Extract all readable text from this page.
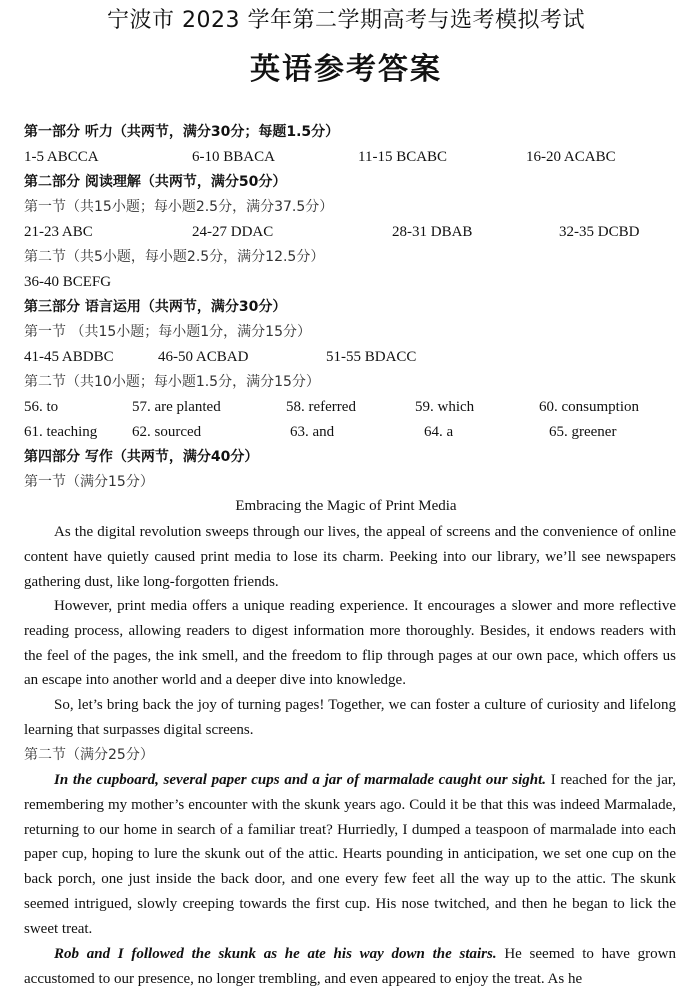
宁波市 2023 学年第二学期高考与选考模拟考试
英语参考答案
第一部分 听力（共两节，满分30分；每题1.5分）
1-5 ABCCA	6-10 BBACA	11-15 BCABC	16-20 ACABC
第二部分 阅读理解（共两节，满分50分）
第一节（共15小题；每小题2.5分，满分37.5分）
21-23 ABC	24-27 DDAC	28-31 DBAB	32-35 DCBD
第二节（共5小题，每小题2.5分，满分12.5分）
36-40 BCEFG
第三部分 语言运用（共两节，满分30分）
第一节 （共15小题；每小题1分，满分15分）
41-45 ABDBC	46-50 ACBAD	51-55 BDACC
第二节（共10小题；每小题1.5分，满分15分）
56. to	57. are planted	58. referred	59. which	60. consumption
61. teaching 62. sourced	63. and	64. a	65. greener
第四部分 写作（共两节，满分40分）
第一节（满分15分）
Embracing the Magic of Print Media

As the digital revolution sweeps through our lives, the appeal of screens and the convenience of online content have quietly caused print media to lose its charm. Peeking into our library, we’ll see newspapers gathering dust, like long-forgotten friends.

However, print media offers a unique reading experience. It encourages a slower and more reflective reading process, allowing readers to digest information more thoroughly. Besides, it endows readers with the feel of the pages, the ink smell, and the freedom to flip through pages at our own pace, which offers us an escape into another world and a deeper dive into knowledge.

So, let’s bring back the joy of turning pages! Together, we can foster a culture of curiosity and lifelong learning that surpasses digital screens.

第二节（满分25分）

In the cupboard, several paper cups and a jar of marmalade caught our sight. I reached for the jar, remembering my mother’s encounter with the skunk years ago. Could it be that this was indeed Marmalade, returning to our home in search of a familiar treat? Hurriedly, I dumped a teaspoon of marmalade into each paper cup, hoping to lure the skunk out of the attic. Hearts pounding in anticipation, we set one cup on the back porch, one just inside the back door, and one every few feet all the way up to the attic. The skunk seemed intrigued, slowly creeping towards the first cup. His nose twitched, and then he began to lick the sweet treat.

Rob and I followed the skunk as he ate his way down the stairs. He seemed to have grown accustomed to our presence, no longer trembling, and even appeared to enjoy the treat. As he
